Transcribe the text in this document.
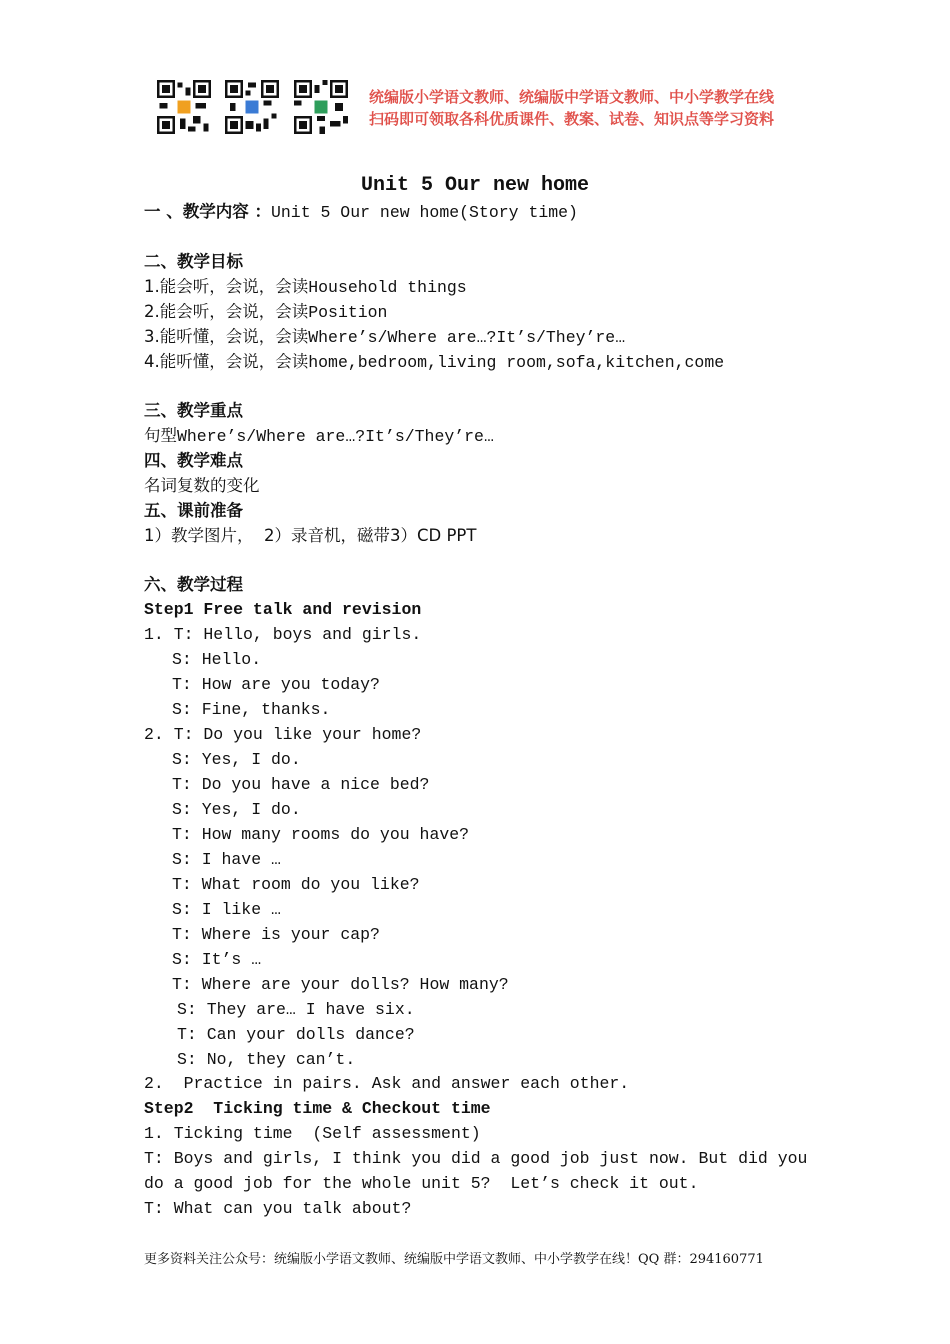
统编版小学语文教师、统编版中学语文教师、中小学教学在线
扫码即可领取各科优质课件、教案、试卷、知识点等学习资料
Unit 5 Our new home
一 、教学内容 ：Unit 5 Our new home(Story time)
二、教学目标
1.能会听，会说，会读Household things
2.能会听，会说，会读Position
3.能听懂，会说，会读Where’s/Where are…?It’s/They’re…
4.能听懂，会说，会读home,bedroom,living room,sofa,kitchen,come
三、教学重点
句型Where’s/Where are…?It’s/They’re…
四、教学难点
名词复数的变化
五、课前准备
1）教学图片，  2）录音机，磁带3）CD PPT
六、教学过程
Step1 Free talk and revision
1. T: Hello, boys and girls.
S: Hello.
T: How are you today?
S: Fine, thanks.
2. T: Do you like your home?
S: Yes, I do.
T: Do you have a nice bed?
S: Yes, I do.
T: How many rooms do you have?
S: I have …
T: What room do you like?
S: I like …
T: Where is your cap?
S: It’s …
T: Where are your dolls? How many?
S: They are… I have six.
T: Can your dolls dance?
S: No, they can’t.
2.  Practice in pairs. Ask and answer each other.
Step2  Ticking time & Checkout time
1. Ticking time  (Self assessment)
T: Boys and girls, I think you did a good job just now. But did you
do a good job for the whole unit 5?  Let’s check it out.
T: What can you talk about?
更多资料关注公众号：统编版小学语文教师、统编版中学语文教师、中小学教学在线！QQ 群：294160771
